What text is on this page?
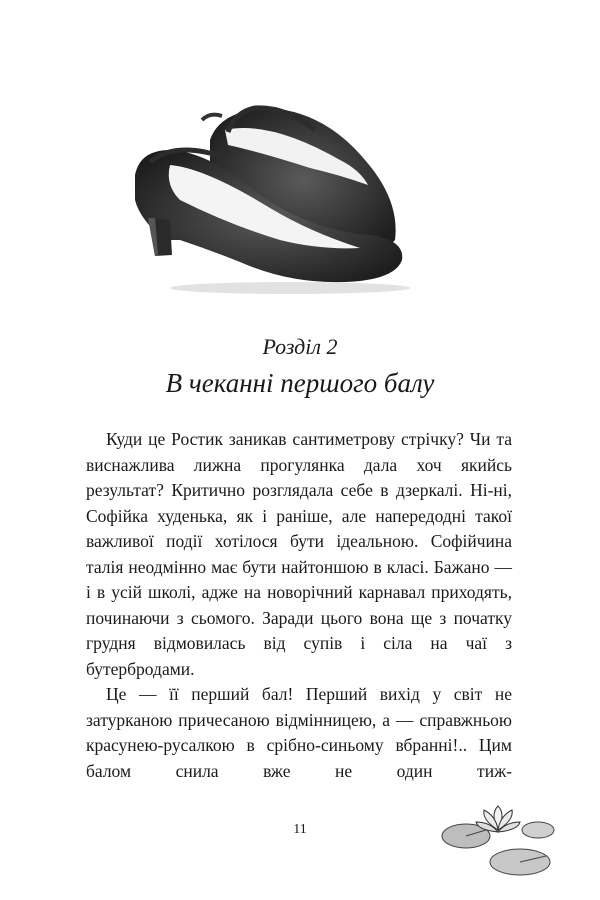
Розділ 2
В чеканні першого балу

Куди це Ростик заникав сантиметрову стрічку? Чи та виснажлива лижна прогулянка дала хоч якийсь результат? Критично розглядала себе в дзеркалі. Ні-ні, Софійка худенька, як і раніше, але напередодні такої важливої події хотілося бути ідеальною. Софійчина талія неодмінно має бути найтоншою в класі. Бажано — і в усій школі, адже на новорічний карнавал приходять, починаючи з сьомого. Заради цього вона ще з початку грудня відмовилась від супів і сіла на чаї з бутербродами.

Це — її перший бал! Перший вихід у світ не затурканою причесаною відмінницею, а — справжньою красунею-русалкою в срібно-синьому вбранні!.. Цим балом снила вже не один тиж-

11
